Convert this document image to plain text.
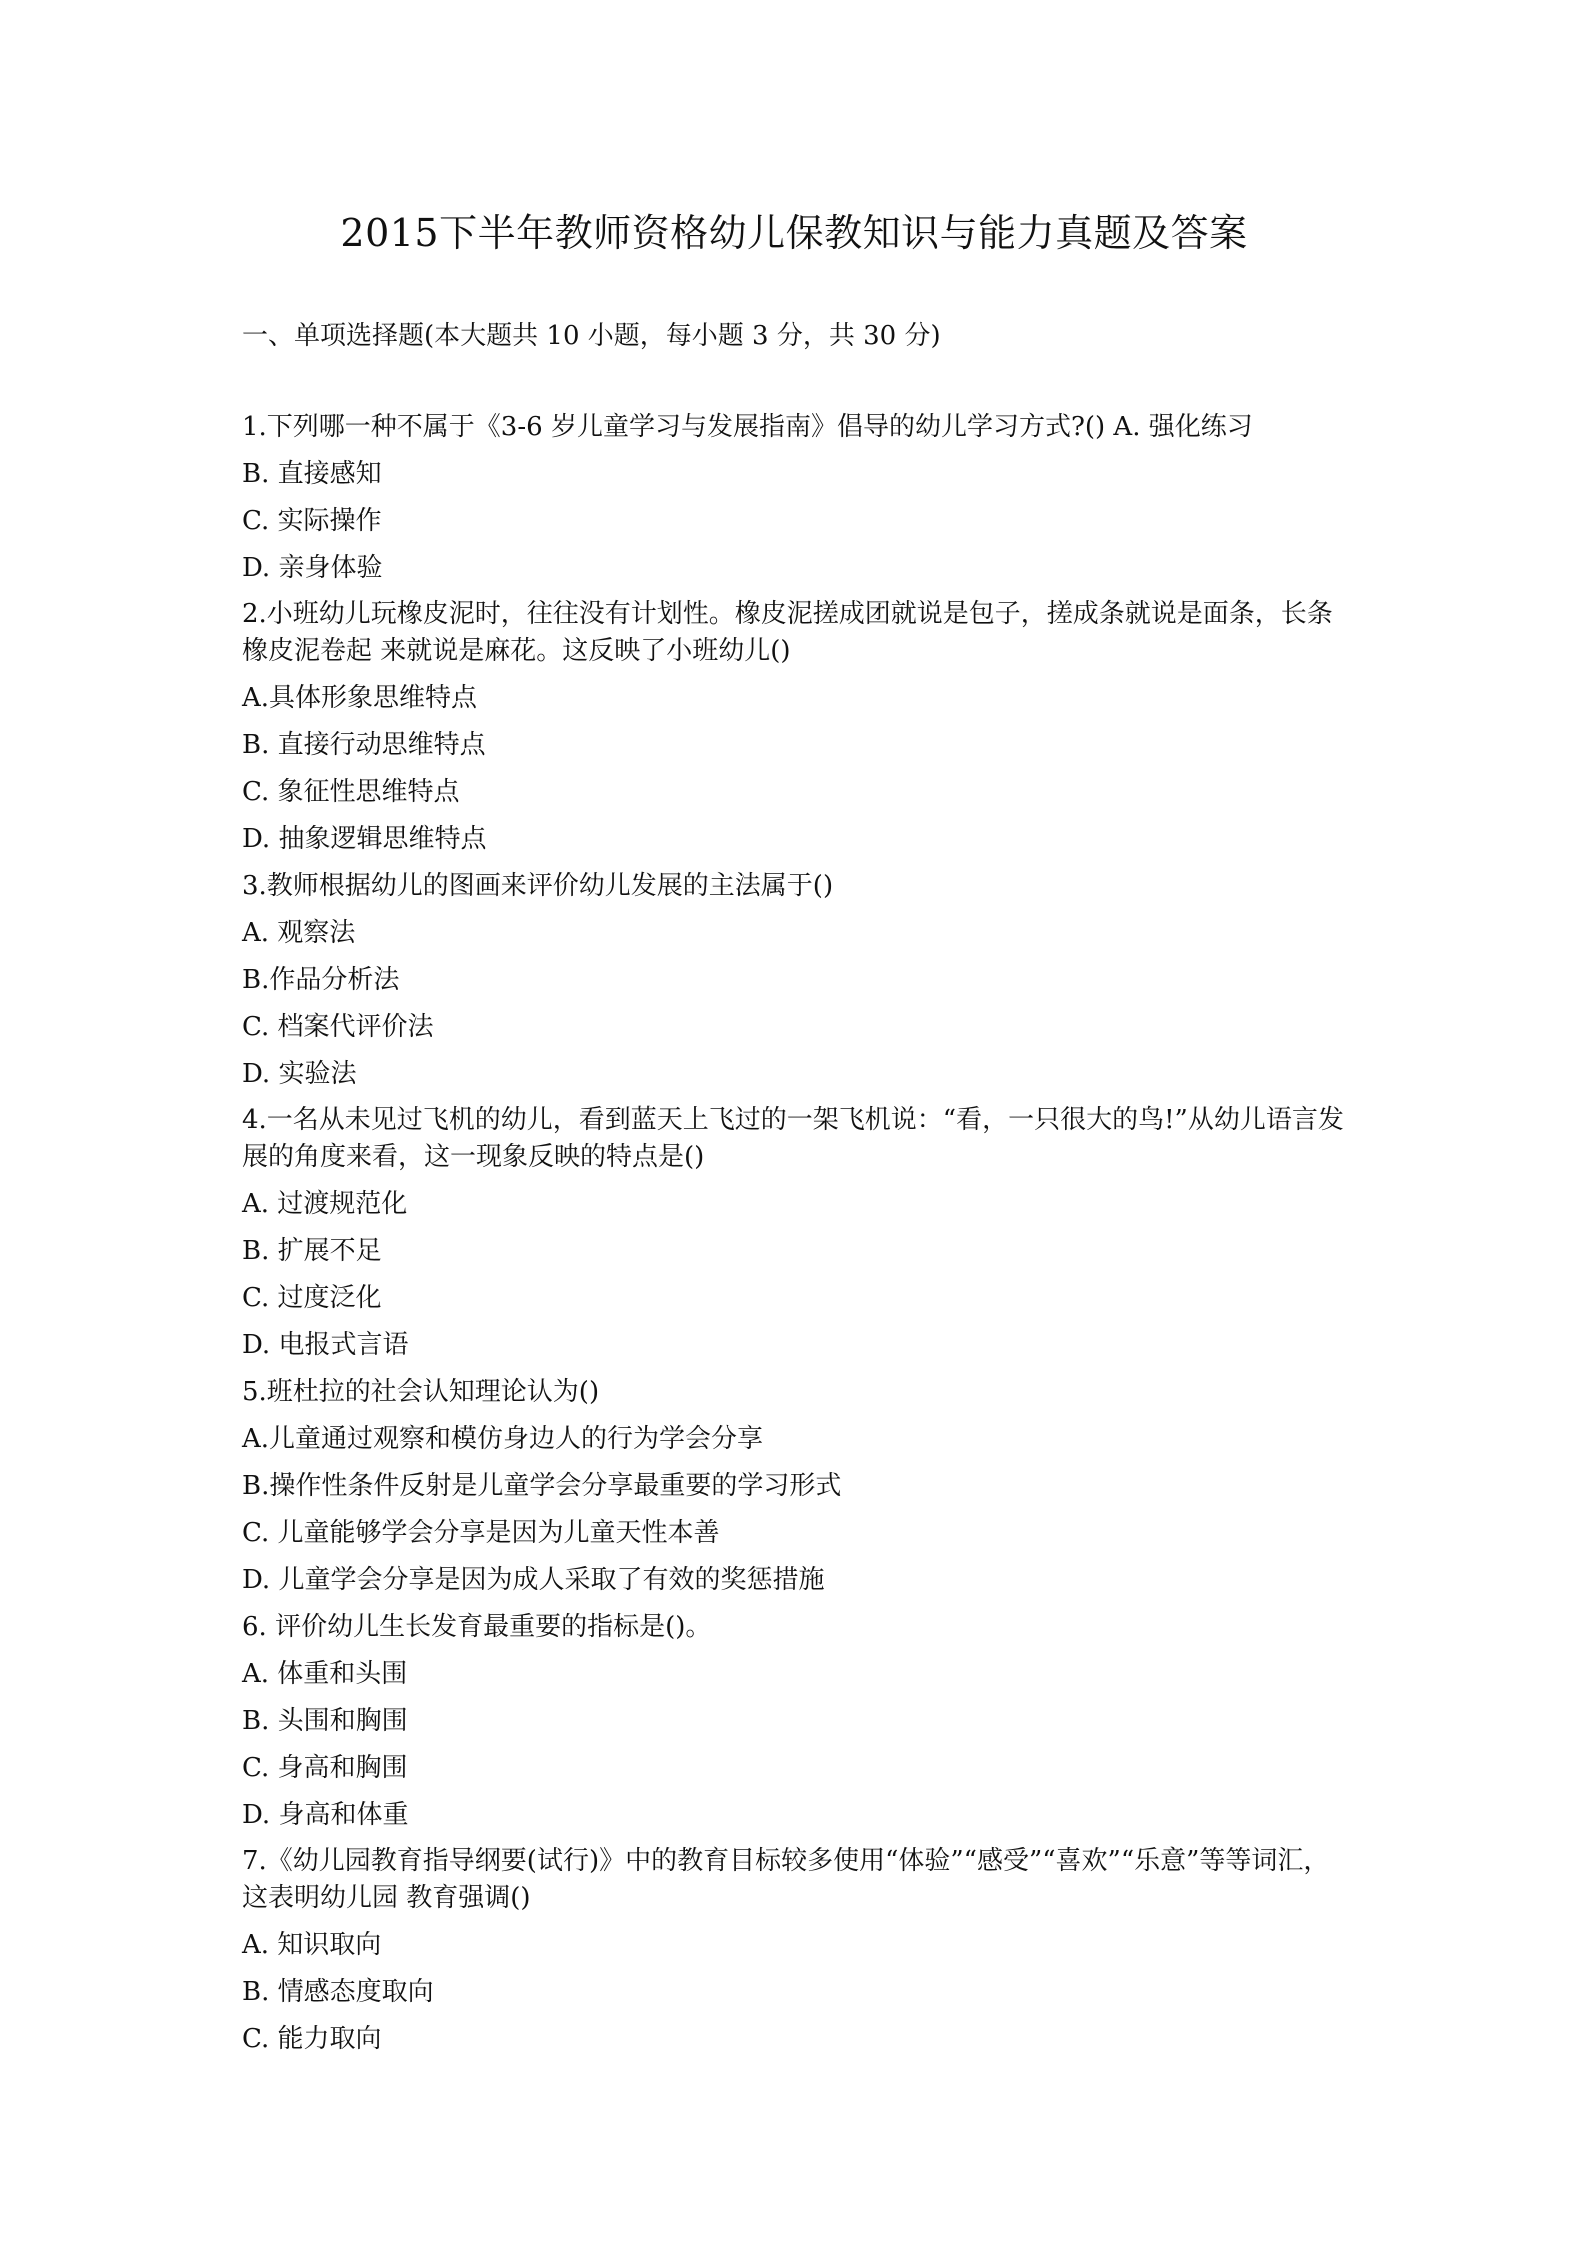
2015下半年教师资格幼儿保教知识与能力真题及答案
一、单项选择题(本大题共 10 小题，每小题 3 分，共 30 分)

1.下列哪一种不属于《3-6 岁儿童学习与发展指南》倡导的幼儿学习方式?() A. 强化练习

B. 直接感知

C. 实际操作

D. 亲身体验

2.小班幼儿玩橡皮泥时，往往没有计划性。橡皮泥搓成团就说是包子，搓成条就说是面条，长条橡皮泥卷起 来就说是麻花。这反映了小班幼儿()

A.具体形象思维特点

B. 直接行动思维特点

C. 象征性思维特点

D. 抽象逻辑思维特点

3.教师根据幼儿的图画来评价幼儿发展的主法属于()

A. 观察法

B.作品分析法

C. 档案代评价法

D. 实验法

4.一名从未见过飞机的幼儿，看到蓝天上飞过的一架飞机说：“看，一只很大的鸟!”从幼儿语言发展的角度来看，这一现象反映的特点是()

A. 过渡规范化

B. 扩展不足

C. 过度泛化

D. 电报式言语

5.班杜拉的社会认知理论认为()

A.儿童通过观察和模仿身边人的行为学会分享

B.操作性条件反射是儿童学会分享最重要的学习形式

C. 儿童能够学会分享是因为儿童天性本善

D. 儿童学会分享是因为成人采取了有效的奖惩措施

6. 评价幼儿生长发育最重要的指标是()。

A. 体重和头围

B. 头围和胸围

C. 身高和胸围

D. 身高和体重

7.《幼儿园教育指导纲要(试行)》中的教育目标较多使用“体验”“感受”“喜欢”“乐意”等等词汇，这表明幼儿园 教育强调()

A. 知识取向

B. 情感态度取向

C. 能力取向
